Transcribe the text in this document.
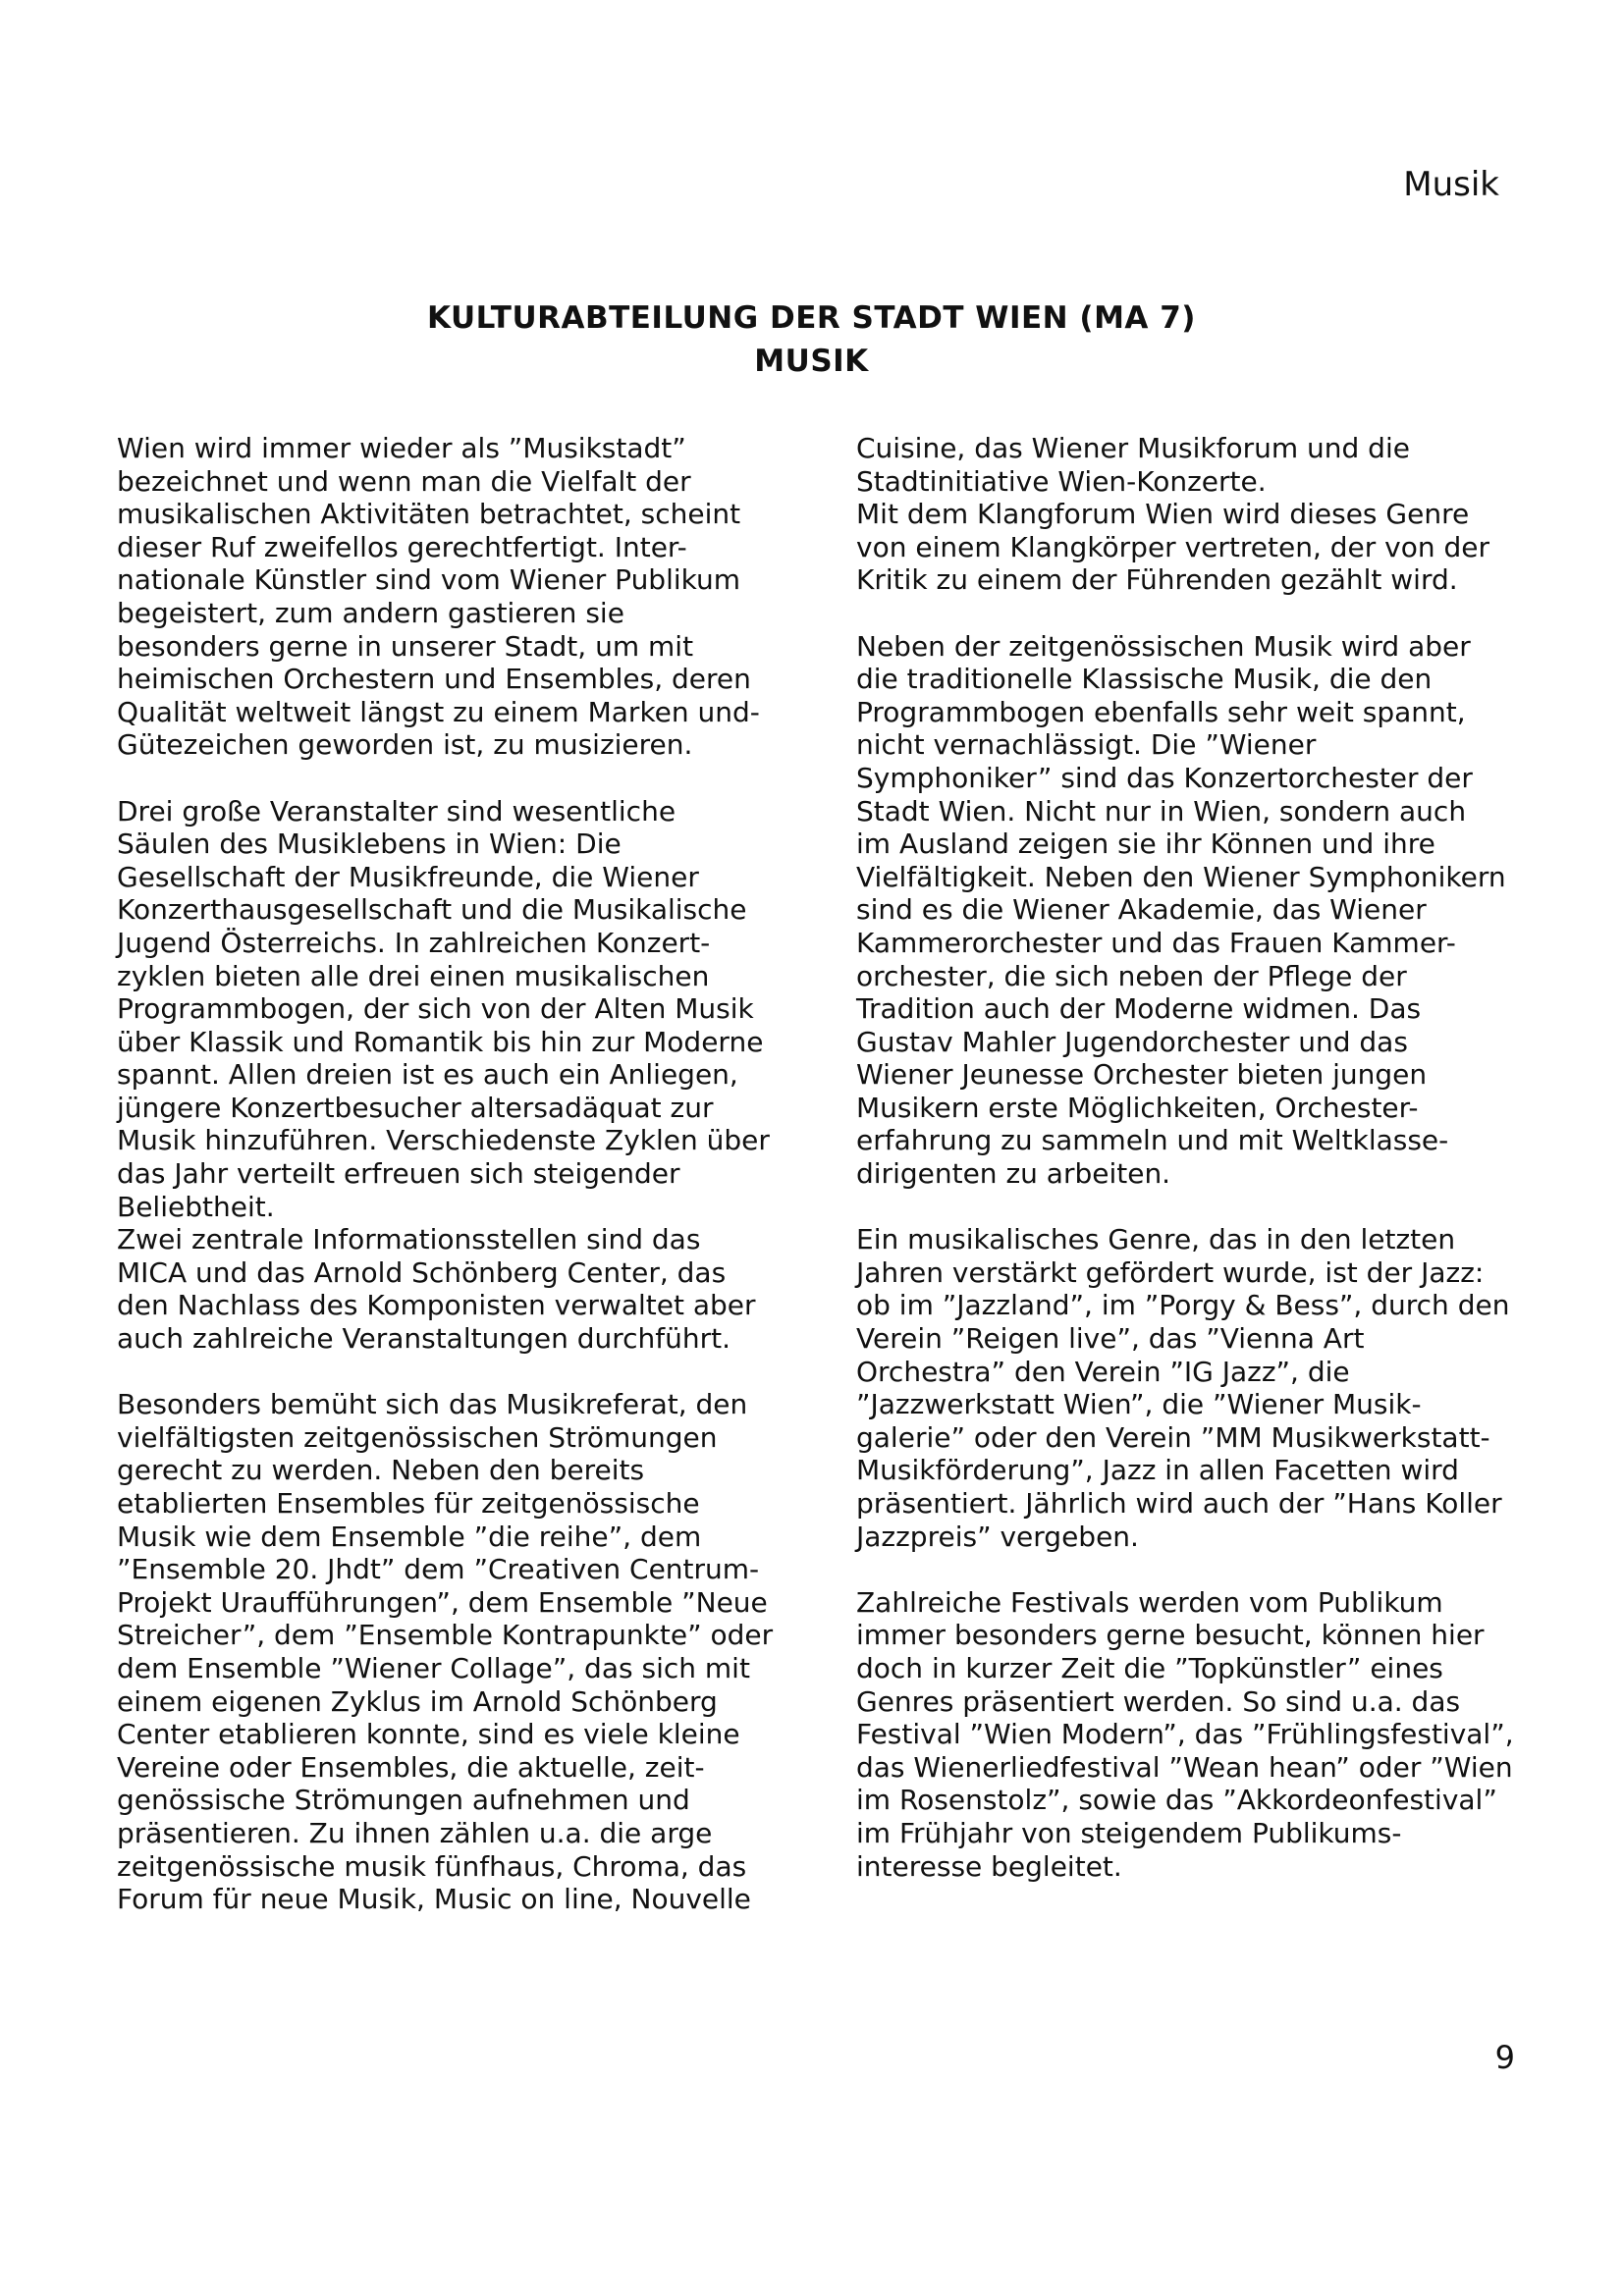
Musik
KULTURABTEILUNG DER STADT WIEN (MA 7)
MUSIK

Wien wird immer wieder als ”Musikstadt”
bezeichnet und wenn man die Vielfalt der
musikalischen Aktivitäten betrachtet, scheint
dieser Ruf zweifellos gerechtfertigt. Inter-
nationale Künstler sind vom Wiener Publikum
begeistert, zum andern gastieren sie
besonders gerne in unserer Stadt, um mit
heimischen Orchestern und Ensembles, deren
Qualität weltweit längst zu einem Marken und-
Gütezeichen geworden ist, zu musizieren.

Drei große Veranstalter sind wesentliche
Säulen des Musiklebens in Wien: Die
Gesellschaft der Musikfreunde, die Wiener
Konzerthausgesellschaft und die Musikalische
Jugend Österreichs. In zahlreichen Konzert-
zyklen bieten alle drei einen musikalischen
Programmbogen, der sich von der Alten Musik
über Klassik und Romantik bis hin zur Moderne
spannt. Allen dreien ist es auch ein Anliegen,
jüngere Konzertbesucher altersadäquat zur
Musik hinzuführen. Verschiedenste Zyklen über
das Jahr verteilt erfreuen sich steigender
Beliebtheit.
Zwei zentrale Informationsstellen sind das
MICA und das Arnold Schönberg Center, das
den Nachlass des Komponisten verwaltet aber
auch zahlreiche Veranstaltungen durchführt.

Besonders bemüht sich das Musikreferat, den
vielfältigsten zeitgenössischen Strömungen
gerecht zu werden. Neben den bereits
etablierten Ensembles für zeitgenössische
Musik wie dem Ensemble ”die reihe”, dem
”Ensemble 20. Jhdt” dem ”Creativen Centrum-
Projekt Uraufführungen”, dem Ensemble ”Neue
Streicher”, dem ”Ensemble Kontrapunkte” oder
dem Ensemble ”Wiener Collage”, das sich mit
einem eigenen Zyklus im Arnold Schönberg
Center etablieren konnte, sind es viele kleine
Vereine oder Ensembles, die aktuelle, zeit-
genössische Strömungen aufnehmen und
präsentieren. Zu ihnen zählen u.a. die arge
zeitgenössische musik fünfhaus, Chroma, das
Forum für neue Musik, Music on line, Nouvelle

Cuisine, das Wiener Musikforum und die
Stadtinitiative Wien-Konzerte.
Mit dem Klangforum Wien wird dieses Genre
von einem Klangkörper vertreten, der von der
Kritik zu einem der Führenden gezählt wird.

Neben der zeitgenössischen Musik wird aber
die traditionelle Klassische Musik, die den
Programmbogen ebenfalls sehr weit spannt,
nicht vernachlässigt. Die ”Wiener
Symphoniker” sind das Konzertorchester der
Stadt Wien. Nicht nur in Wien, sondern auch
im Ausland zeigen sie ihr Können und ihre
Vielfältigkeit. Neben den Wiener Symphonikern
sind es die Wiener Akademie, das Wiener
Kammerorchester und das Frauen Kammer-
orchester, die sich neben der Pflege der
Tradition auch der Moderne widmen. Das
Gustav Mahler Jugendorchester und das
Wiener Jeunesse Orchester bieten jungen
Musikern erste Möglichkeiten, Orchester-
erfahrung zu sammeln und mit Weltklasse-
dirigenten zu arbeiten.

Ein musikalisches Genre, das in den letzten
Jahren verstärkt gefördert wurde, ist der Jazz:
ob im ”Jazzland”, im ”Porgy & Bess”, durch den
Verein ”Reigen live”, das ”Vienna Art
Orchestra” den Verein ”IG Jazz”, die
”Jazzwerkstatt Wien”, die ”Wiener Musik-
galerie” oder den Verein ”MM Musikwerkstatt-
Musikförderung”, Jazz in allen Facetten wird
präsentiert. Jährlich wird auch der ”Hans Koller
Jazzpreis” vergeben.

Zahlreiche Festivals werden vom Publikum
immer besonders gerne besucht, können hier
doch in kurzer Zeit die ”Topkünstler” eines
Genres präsentiert werden. So sind u.a. das
Festival ”Wien Modern”, das ”Frühlingsfestival”,
das Wienerliedfestival ”Wean hean” oder ”Wien
im Rosenstolz”, sowie das ”Akkordeonfestival”
im Frühjahr von steigendem Publikums-
interesse begleitet.

9
